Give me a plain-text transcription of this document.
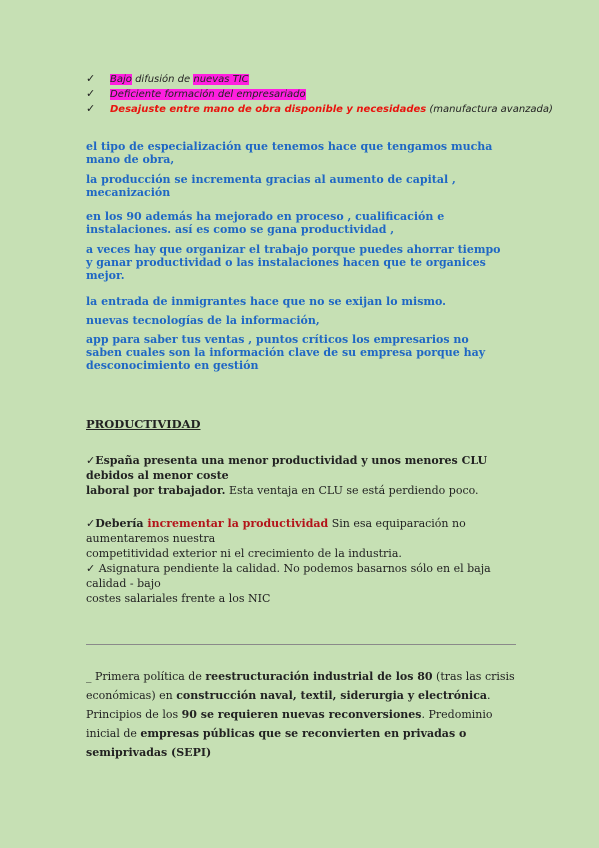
✓ Bajo difusión de nuevas TIC
✓ Deficiente formación del empresariado
✓ Desajuste entre mano de obra disponible y necesidades (manufactura avanzada)
el tipo de especialización que tenemos hace que tengamos mucha mano de obra,
la producción se incrementa gracias al aumento de capital , mecanización
en los 90 además ha mejorado en proceso , cualificación e instalaciones. así es como se gana productividad ,
a veces hay que organizar el trabajo porque puedes ahorrar tiempo y ganar productividad o las instalaciones hacen que te organices mejor.
la entrada de inmigrantes hace que no se exijan lo mismo.
nuevas tecnologías de la información,
app para saber tus ventas , puntos críticos los empresarios no saben cuales son la información clave de su empresa porque hay desconocimiento en gestión
PRODUCTIVIDAD
✓España presenta una menor productividad y unos menores CLU debidos al menor coste
laboral por trabajador. Esta ventaja en CLU se está perdiendo poco.
✓Debería incrementar la productividad Sin esa equiparación no aumentaremos nuestra
competitividad exterior ni el crecimiento de la industria.
✓ Asignatura pendiente la calidad. No podemos basarnos sólo en el baja calidad - bajo
costes salariales frente a los NIC
_ Primera política de reestructuración industrial de los 80 (tras las crisis
económicas) en construcción naval, textil, siderurgia y electrónica.
Principios de los 90 se requieren nuevas reconversiones. Predominio
inicial de empresas públicas que se reconvierten en privadas o semiprivadas (SEPI)
